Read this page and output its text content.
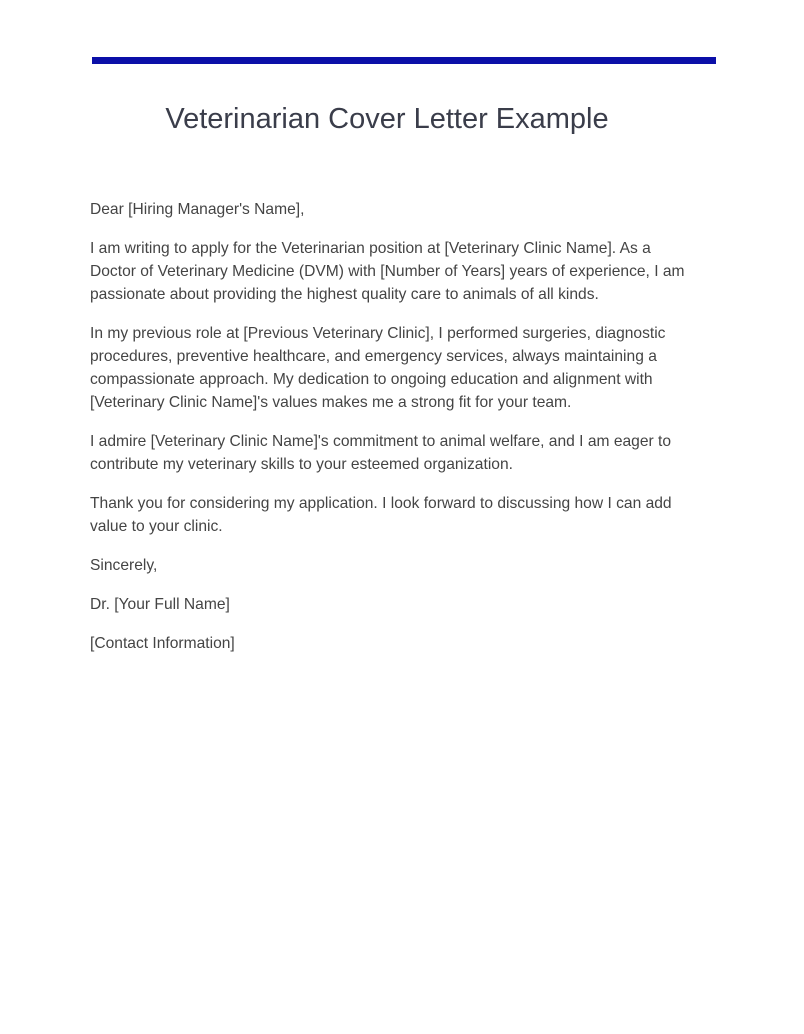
Veterinarian Cover Letter Example

Dear [Hiring Manager's Name],

I am writing to apply for the Veterinarian position at [Veterinary Clinic Name]. As a Doctor of Veterinary Medicine (DVM) with [Number of Years] years of experience, I am passionate about providing the highest quality care to animals of all kinds.

In my previous role at [Previous Veterinary Clinic], I performed surgeries, diagnostic procedures, preventive healthcare, and emergency services, always maintaining a compassionate approach. My dedication to ongoing education and alignment with [Veterinary Clinic Name]'s values makes me a strong fit for your team.

I admire [Veterinary Clinic Name]'s commitment to animal welfare, and I am eager to contribute my veterinary skills to your esteemed organization.

Thank you for considering my application. I look forward to discussing how I can add value to your clinic.

Sincerely,

Dr. [Your Full Name]

[Contact Information]
